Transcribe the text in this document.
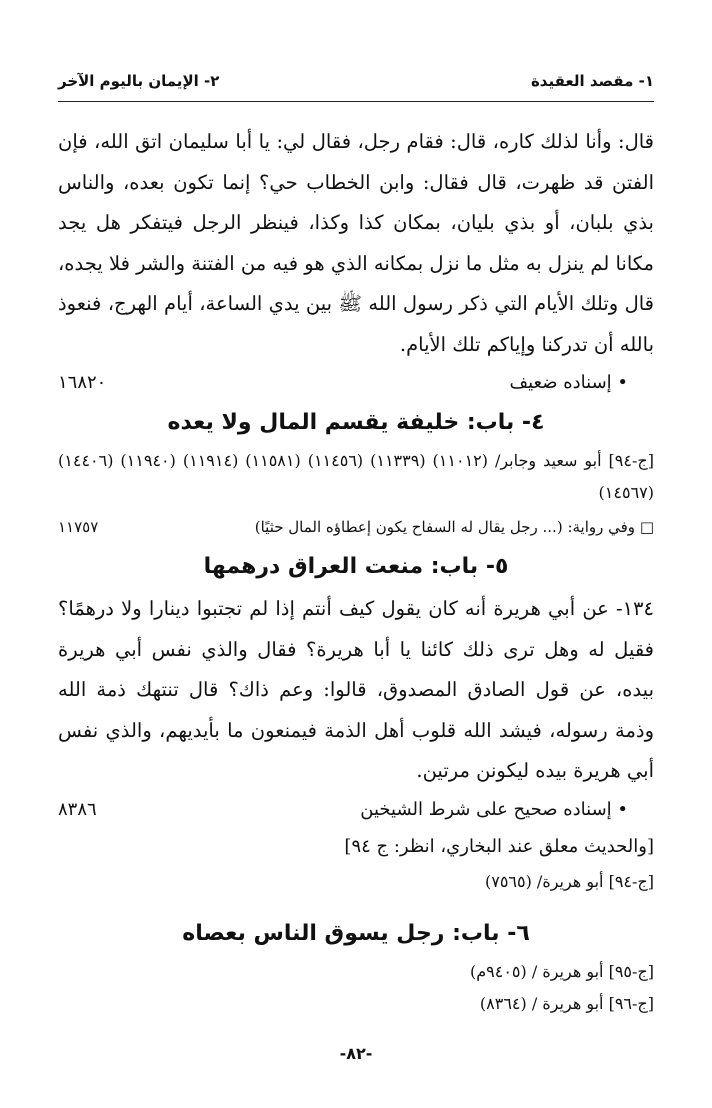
١- مقصد العقيدة
٢- الإيمان باليوم الآخر

قال: وأنا لذلك كاره، قال: فقام رجل، فقال لي: يا أبا سليمان اتق الله، فإن الفتن قد ظهرت، قال فقال: وابن الخطاب حي؟ إنما تكون بعده، والناس بذي بلبان، أو بذي بليان، بمكان كذا وكذا، فينظر الرجل فيتفكر هل يجد مكانا لم ينزل به مثل ما نزل بمكانه الذي هو فيه من الفتنة والشر فلا يجده، قال وتلك الأيام التي ذكر رسول الله ﷺ بين يدي الساعة، أيام الهرج، فنعوذ بالله أن تدركنا وإياكم تلك الأيام.

• إسناده ضعيف
١٦٨٢٠
٤- باب: خليفة يقسم المال ولا يعده

[ج-٩٤] أبو سعيد وجابر/ (١١٠١٢) (١١٣٣٩) (١١٤٥٦) (١١٥٨١) (١١٩١٤) (١١٩٤٠) (١٤٤٠٦) (١٤٥٦٧)

□ وفي رواية: (... رجل يقال له السفاح يكون إعطاؤه المال حثيًا)
١١٧٥٧
٥- باب: منعت العراق درهمها

١٣٤- عن أبي هريرة أنه كان يقول كيف أنتم إذا لم تجتبوا دينارا ولا درهمًا؟ فقيل له وهل ترى ذلك كائنا يا أبا هريرة؟ فقال والذي نفس أبي هريرة بيده، عن قول الصادق المصدوق، قالوا: وعم ذاك؟ قال تنتهك ذمة الله وذمة رسوله، فيشد الله قلوب أهل الذمة فيمنعون ما بأيديهم، والذي نفس أبي هريرة بيده ليكونن مرتين.

• إسناده صحيح على شرط الشيخين
٨٣٨٦

[والحديث معلق عند البخاري، انظر: ج ٩٤]

[ج-٩٤] أبو هريرة/ (٧٥٦٥)

٦- باب: رجل يسوق الناس بعصاه

[ج-٩٥] أبو هريرة / (٩٤٠٥م)

[ج-٩٦] أبو هريرة / (٨٣٦٤)

-٨٢-
